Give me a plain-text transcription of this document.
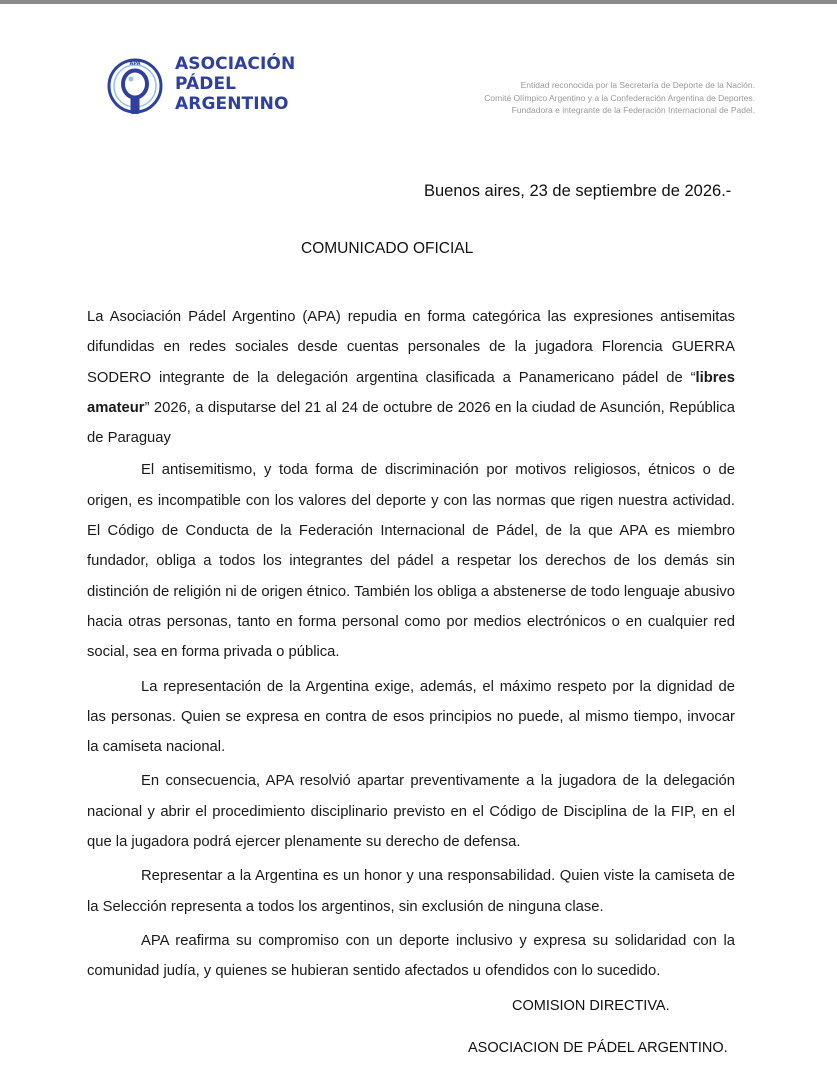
APA ASOCIACIÓN
PÁDEL
ARGENTINO
Entidad reconocida por la Secretaría de Deporte de la Nación.
Comité Olímpico Argentino y a la Confederación Argentina de Deportes.
Fundadora e integrante de la Federación Internacional de Padel.
Buenos aires, 23 de septiembre de 2026.-
COMUNICADO OFICIAL

La Asociación Pádel Argentino (APA) repudia en forma categórica las expresiones antisemitas difundidas en redes sociales desde cuentas personales de la jugadora Florencia GUERRA SODERO integrante de la delegación argentina clasificada a Panamericano pádel de “libres amateur” 2026, a disputarse del 21 al 24 de octubre de 2026 en la ciudad de Asunción, República de Paraguay

El antisemitismo, y toda forma de discriminación por motivos religiosos, étnicos o de origen, es incompatible con los valores del deporte y con las normas que rigen nuestra actividad. El Código de Conducta de la Federación Internacional de Pádel, de la que APA es miembro fundador, obliga a todos los integrantes del pádel a respetar los derechos de los demás sin distinción de religión ni de origen étnico. También los obliga a abstenerse de todo lenguaje abusivo hacia otras personas, tanto en forma personal como por medios electrónicos o en cualquier red social, sea en forma privada o pública.

La representación de la Argentina exige, además, el máximo respeto por la dignidad de las personas. Quien se expresa en contra de esos principios no puede, al mismo tiempo, invocar la camiseta nacional.

En consecuencia, APA resolvió apartar preventivamente a la jugadora de la delegación nacional y abrir el procedimiento disciplinario previsto en el Código de Disciplina de la FIP, en el que la jugadora podrá ejercer plenamente su derecho de defensa.

Representar a la Argentina es un honor y una responsabilidad. Quien viste la camiseta de la Selección representa a todos los argentinos, sin exclusión de ninguna clase.

APA reafirma su compromiso con un deporte inclusivo y expresa su solidaridad con la comunidad judía, y quienes se hubieran sentido afectados u ofendidos con lo sucedido.

COMISION DIRECTIVA.
ASOCIACION DE PÁDEL ARGENTINO.
